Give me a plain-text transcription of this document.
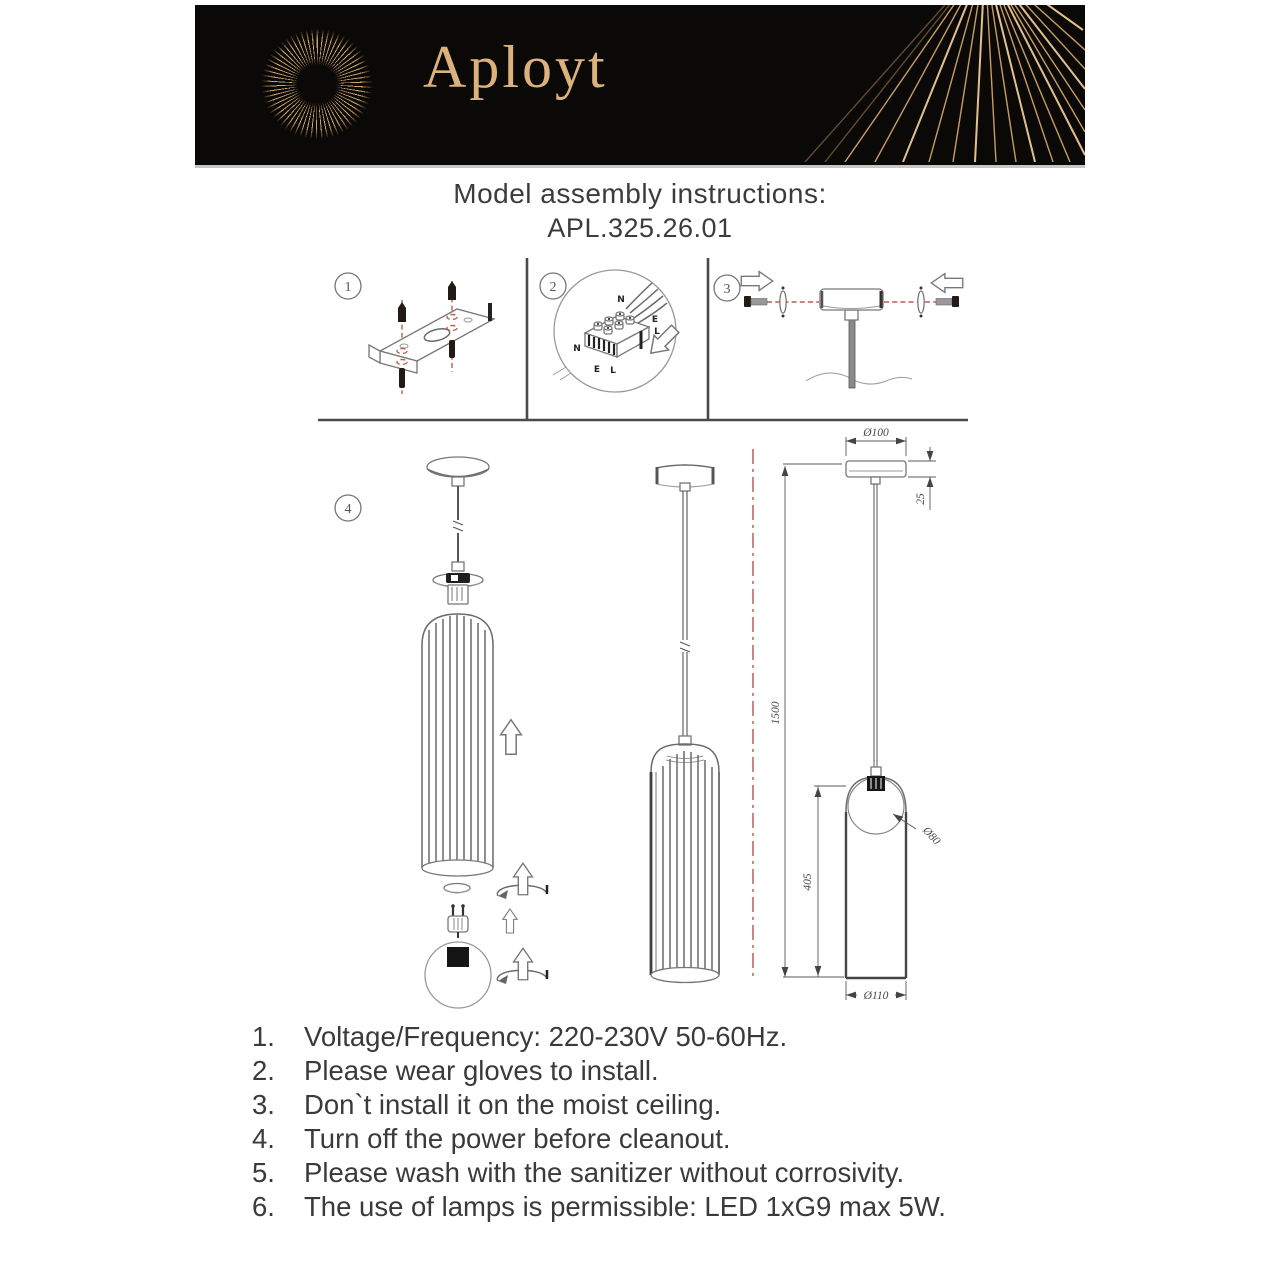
Aployt
Model assembly instructions:
APL.325.26.01
1	2	3
4
N
E
L
N
E L
Ø100
25
1500
405
Ø80
Ø110
1.	Voltage/Frequency: 220-230V 50-60Hz.
2.	Please wear gloves to install.
3.	Don`t install it on the moist ceiling.
4.	Turn off the power before cleanout.
5.	Please wash with the sanitizer without corrosivity.
6.	The use of lamps is permissible: LED 1xG9 max 5W.
